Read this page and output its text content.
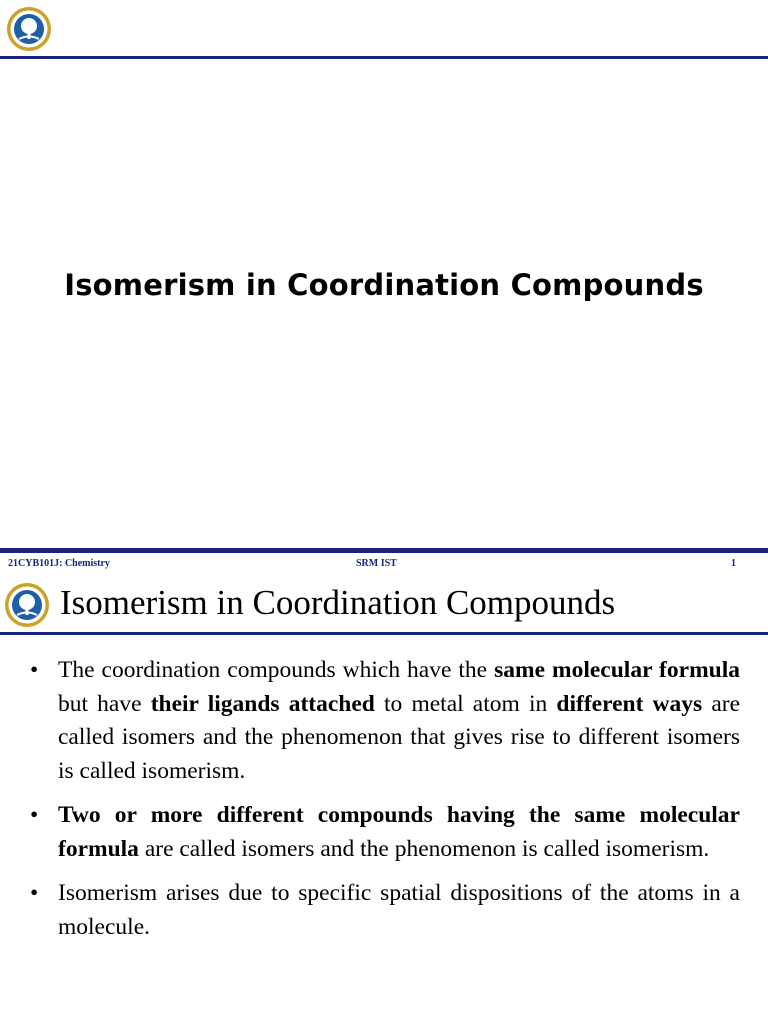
Isomerism in Coordination Compounds
21CYB101J: Chemistry	SRM IST	1
Isomerism in Coordination Compounds
• The coordination compounds which have the same molecular formula but have their ligands attached to metal atom in different ways are called isomers and the phenomenon that gives rise to different isomers is called isomerism.
• Two or more different compounds having the same molecular formula are called isomers and the phenomenon is called isomerism.
• Isomerism arises due to specific spatial dispositions of the atoms in a molecule.
